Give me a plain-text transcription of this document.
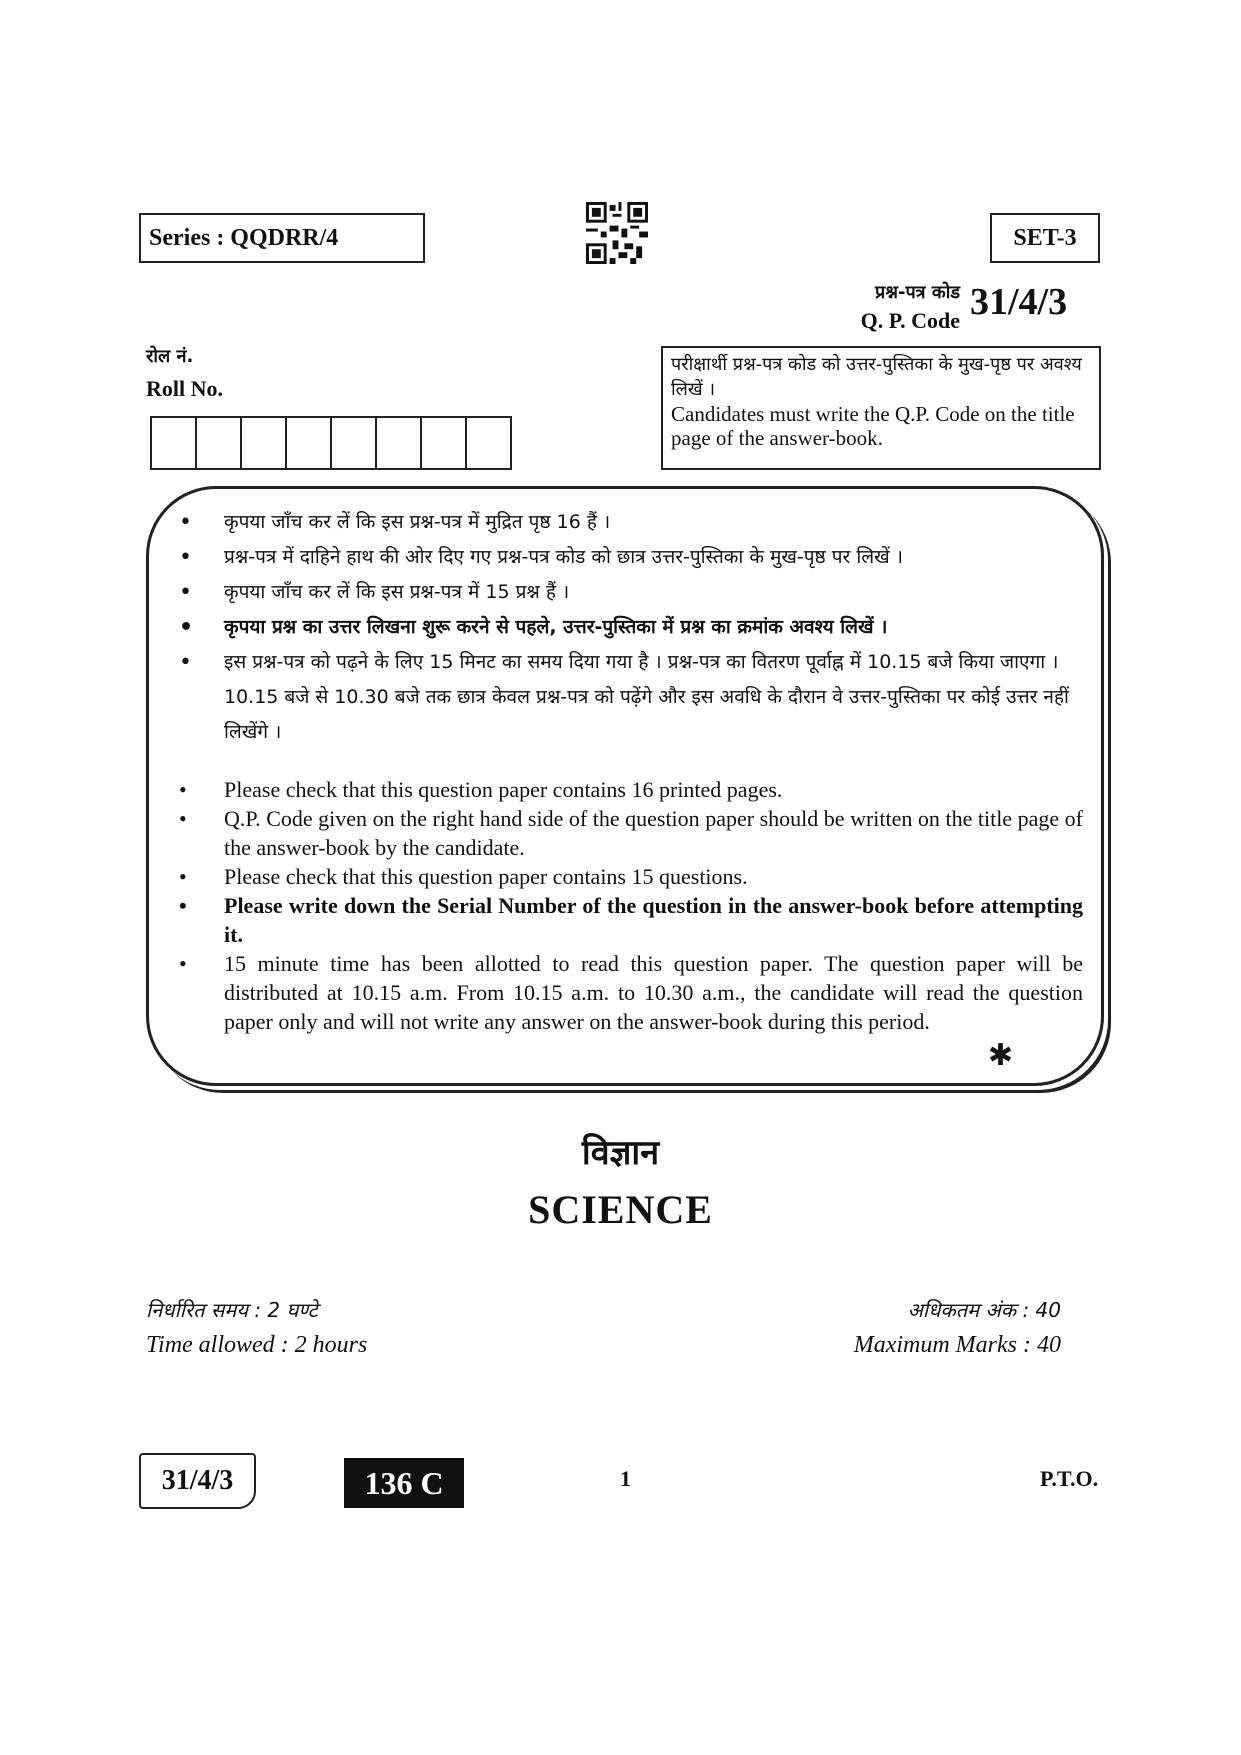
Series : QQDRR/4	SET-3
प्रश्न-पत्र कोड
Q. P. Code 31/4/3
रोल नं.
Roll No.
परीक्षार्थी प्रश्न-पत्र कोड को उत्तर-पुस्तिका के मुख-पृष्ठ पर अवश्य लिखें ।
Candidates must write the Q.P. Code on the title page of the answer-book.
• कृपया जाँच कर लें कि इस प्रश्न-पत्र में मुद्रित पृष्ठ 16 हैं ।
• प्रश्न-पत्र में दाहिने हाथ की ओर दिए गए प्रश्न-पत्र कोड को छात्र उत्तर-पुस्तिका के मुख-पृष्ठ पर लिखें ।
• कृपया जाँच कर लें कि इस प्रश्न-पत्र में 15 प्रश्न हैं ।
• कृपया प्रश्न का उत्तर लिखना शुरू करने से पहले, उत्तर-पुस्तिका में प्रश्न का क्रमांक अवश्य लिखें ।
• इस प्रश्न-पत्र को पढ़ने के लिए 15 मिनट का समय दिया गया है । प्रश्न-पत्र का वितरण पूर्वाह्न में 10.15 बजे किया जाएगा । 10.15 बजे से 10.30 बजे तक छात्र केवल प्रश्न-पत्र को पढ़ेंगे और इस अवधि के दौरान वे उत्तर-पुस्तिका पर कोई उत्तर नहीं लिखेंगे ।
• Please check that this question paper contains 16 printed pages.
• Q.P. Code given on the right hand side of the question paper should be written on the title page of the answer-book by the candidate.
• Please check that this question paper contains 15 questions.
• Please write down the Serial Number of the question in the answer-book before attempting it.
• 15 minute time has been allotted to read this question paper. The question paper will be distributed at 10.15 a.m. From 10.15 a.m. to 10.30 a.m., the candidate will read the question paper only and will not write any answer on the answer-book during this period.
✱
विज्ञान
SCIENCE
निर्धारित समय : 2 घण्टे
Time allowed : 2 hours
अधिकतम अंक : 40
Maximum Marks : 40
31/4/3	136 C	1	P.T.O.
